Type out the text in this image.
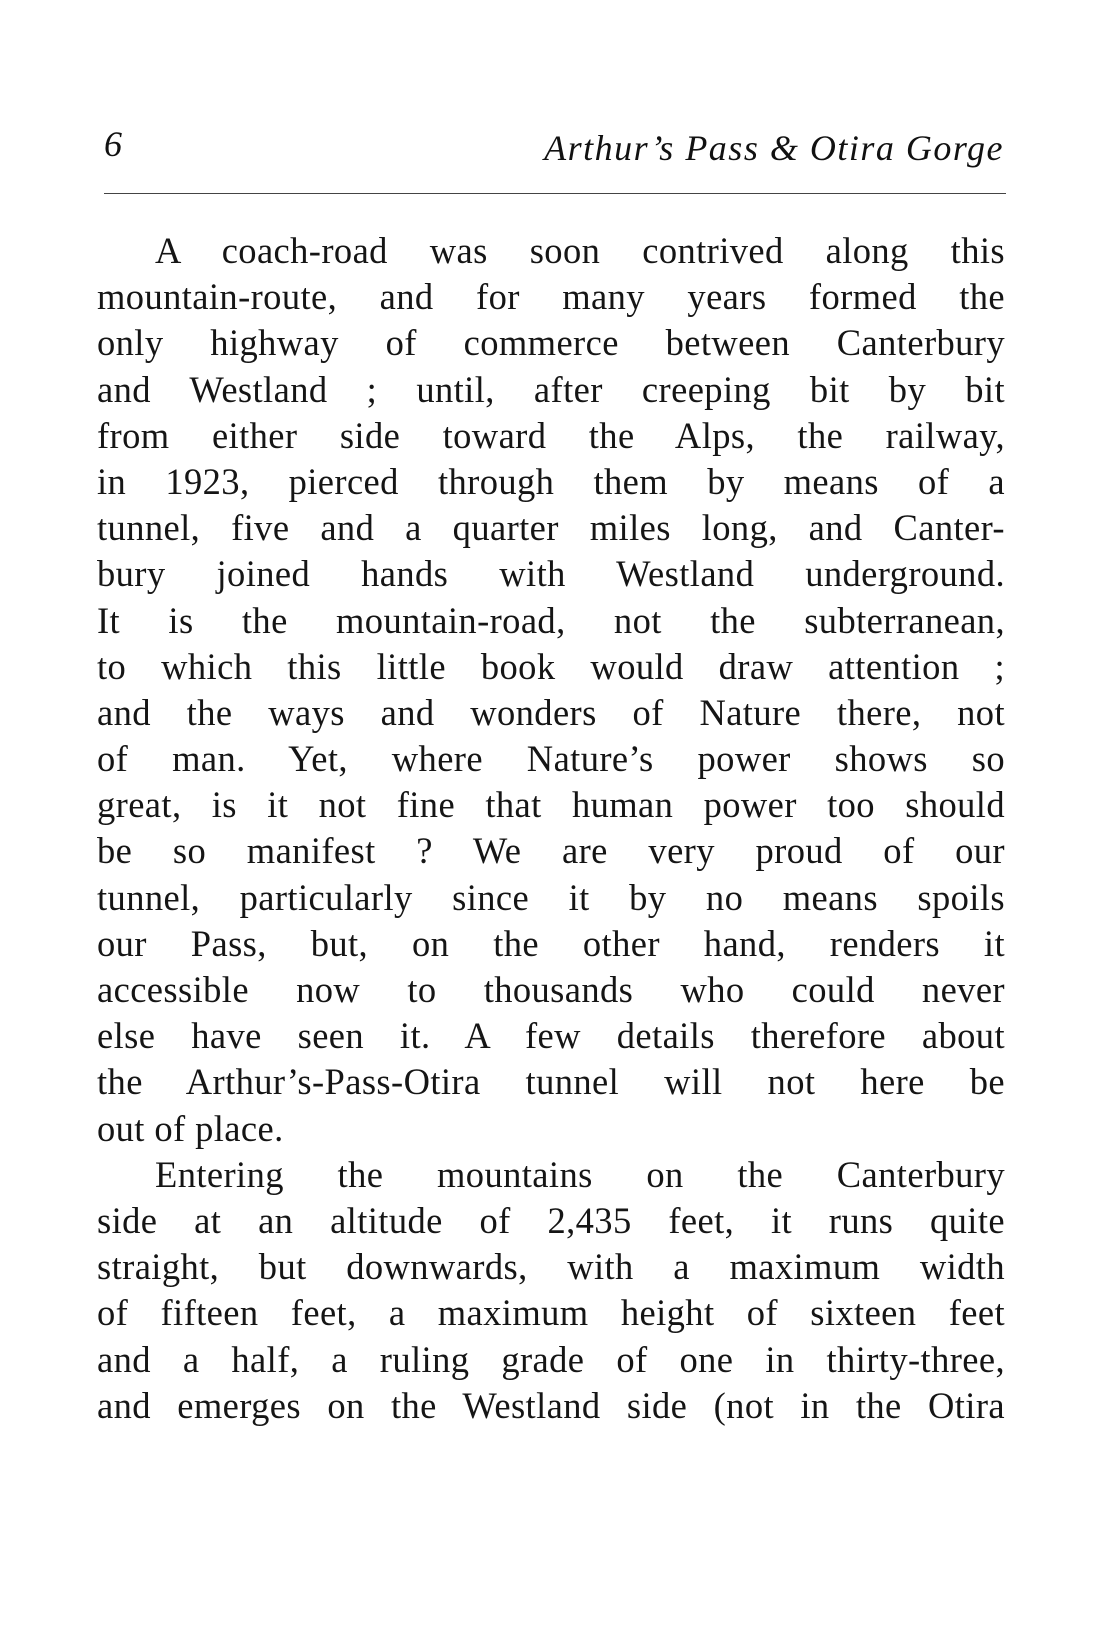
6	Arthur’s Pass & Otira Gorge
A coach-road was soon contrived along this
mountain-route, and for many years formed the
only highway of commerce between Canterbury
and Westland ; until, after creeping bit by bit
from either side toward the Alps, the railway,
in 1923, pierced through them by means of a
tunnel, five and a quarter miles long, and Canter-
bury joined hands with Westland underground.
It is the mountain-road, not the subterranean,
to which this little book would draw attention ;
and the ways and wonders of Nature there, not
of man. Yet, where Nature’s power shows so
great, is it not fine that human power too should
be so manifest ? We are very proud of our
tunnel, particularly since it by no means spoils
our Pass, but, on the other hand, renders it
accessible now to thousands who could never
else have seen it. A few details therefore about
the Arthur’s-Pass-Otira tunnel will not here be
out of place.
Entering the mountains on the Canterbury
side at an altitude of 2,435 feet, it runs quite
straight, but downwards, with a maximum width
of fifteen feet, a maximum height of sixteen feet
and a half, a ruling grade of one in thirty-three,
and emerges on the Westland side (not in the Otira
